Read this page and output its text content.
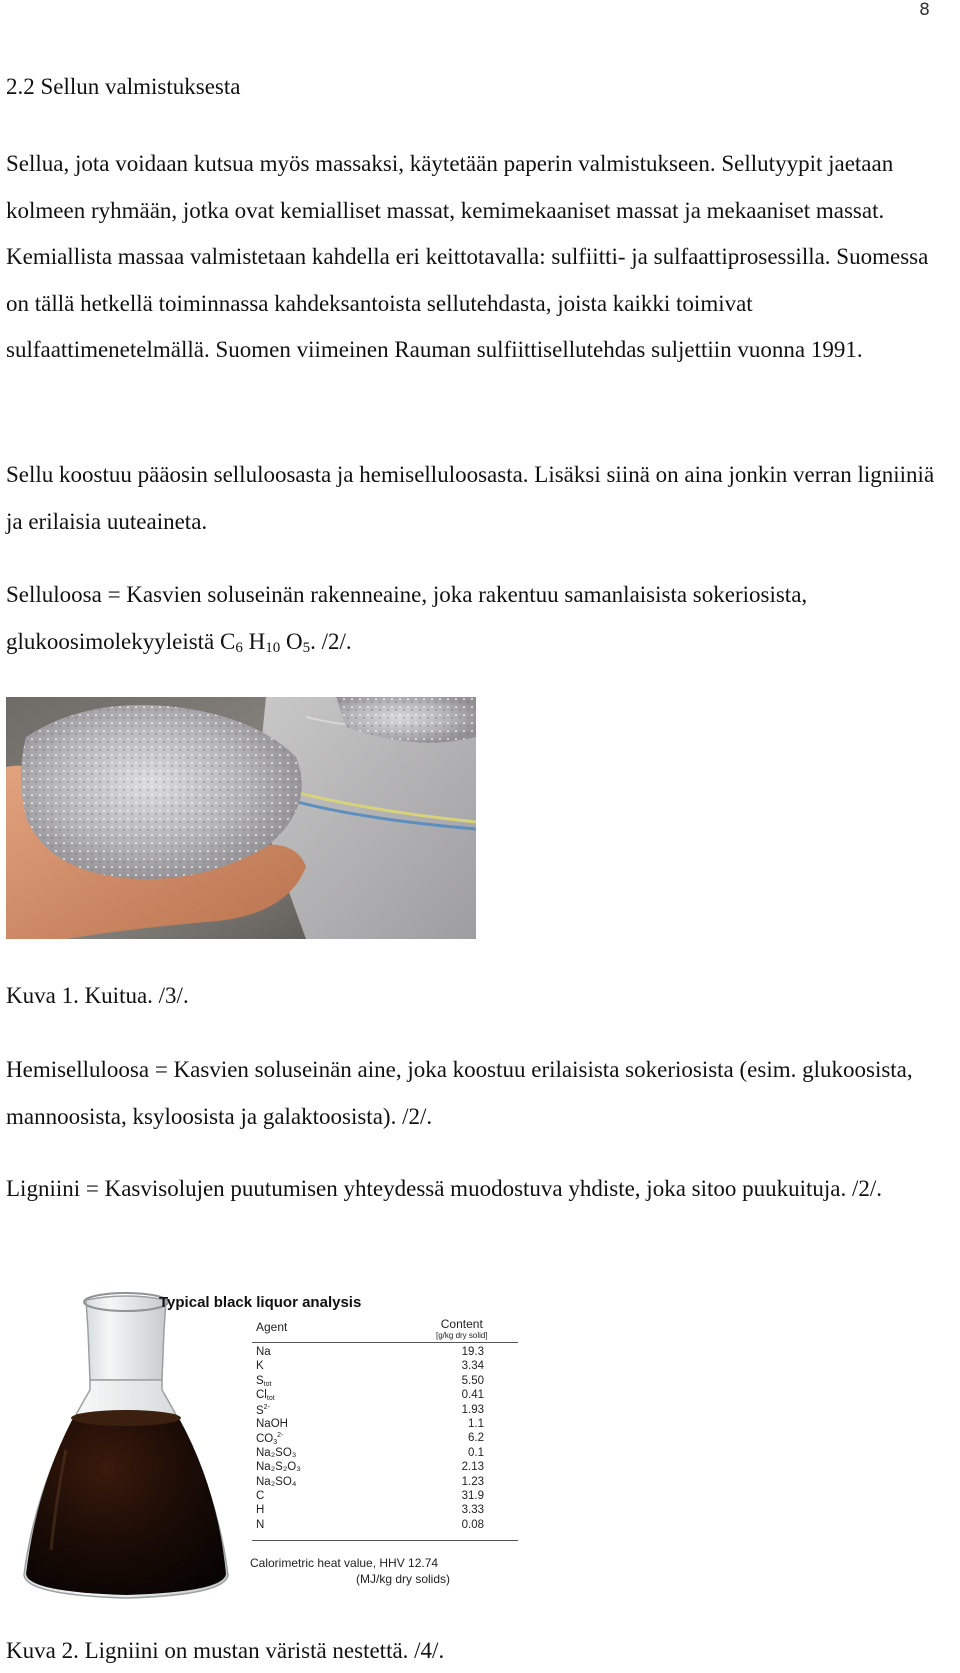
8
2.2 Sellun valmistuksesta

Sellua, jota voidaan kutsua myös massaksi, käytetään paperin valmistukseen. Sellutyypit jaetaan kolmeen ryhmään, jotka ovat kemialliset massat, kemimekaaniset massat ja mekaaniset massat. Kemiallista massaa valmistetaan kahdella eri keittotavalla: sulfiitti- ja sulfaattiprosessilla. Suomessa on tällä hetkellä toiminnassa kahdeksantoista sellutehdasta, joista kaikki toimivat sulfaattimenetelmällä. Suomen viimeinen Rauman sulfiittisellutehdas suljettiin vuonna 1991.

Sellu koostuu pääosin selluloosasta ja hemiselluloosasta. Lisäksi siinä on aina jonkin verran ligniiniä ja erilaisia uuteaineta.

Selluloosa = Kasvien soluseinän rakenneaine, joka rakentuu samanlaisista sokeriosista, glukoosimolekyyleistä $C_6$ $H_{10}$ $O_5$. /2/.

Kuva 1. Kuitua. /3/.

Hemiselluloosa = Kasvien soluseinän aine, joka koostuu erilaisista sokeriosista (esim. glukoosista, mannoosista, ksyloosista ja galaktoosista). /2/.

Ligniini = Kasvisolujen puutumisen yhteydessä muodostuva yhdiste, joka sitoo puukuituja. /2/.

Typical black liquor analysis
Agent	Content
[g/kg dry solid]
Na	19.3
K	3.34
$S_{tot}$	5.50
$Cl_{tot}$	0.41
$S^{2-}$	1.93
NaOH	1.1
$CO_3^{2-}$	6.2
Na₂SO₃	0.1
Na₂S₂O₃	2.13
Na₂SO₄	1.23
C	31.9
H	3.33
N	0.08
Calorimetric heat value, HHV 12.74
(MJ/kg dry solids)
Kuva 2. Ligniini on mustan väristä nestettä. /4/.
